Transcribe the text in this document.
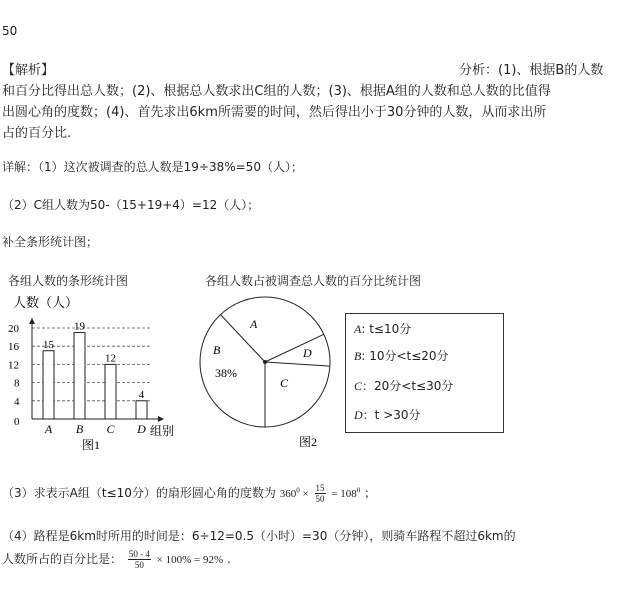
50
【解析】	分析：(1)、根据B的人数
和百分比得出总人数；(2)、根据总人数求出C组的人数；(3)、根据A组的人数和总人数的比值得
出圆心角的度数；(4)、首先求出6km所需要的时间，然后得出小于30分钟的人数，从而求出所
占的百分比.
详解：（1）这次被调查的总人数是19÷38%=50（人）；
（2）C组人数为50-（15+19+4）=12（人）；
补全条形统计图；
各组人数的条形统计图	各组人数占被调查总人数的百分比统计图
人数（人）
15
19
12
4
0
4
8
12
16
20
A B C D 组别
图1
A
B
C
D
38%
图2
A: t≤10分
B: 10分<t≤20分
C：20分<t≤30分
D：t >30分
（3）求表示A组（t≤10分）的扇形圆心角的度数为 $360^0 \times \frac{15}{50} = 108^0$ ；
（4）路程是6km时所用的时间是：6÷12=0.5（小时）=30（分钟），则骑车路程不超过6km的
人数所占的百分比是： $\frac{50 - 4}{50} \times 100\% = 92\%$ .
